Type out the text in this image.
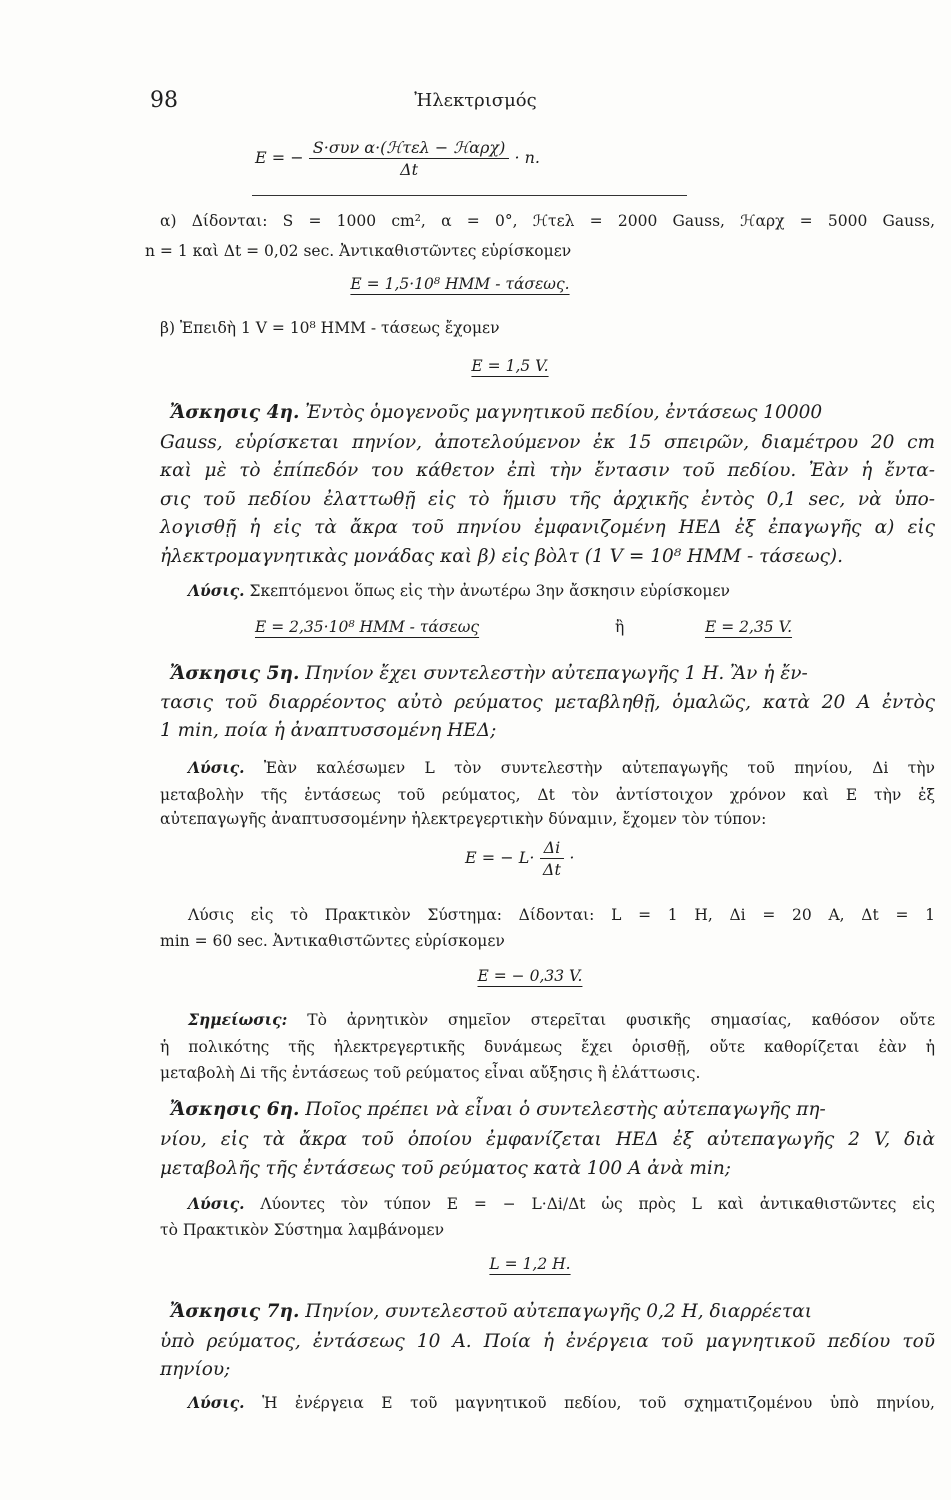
98	Ἠλεκτρισμός
E = − $\frac{\text{S·συν α·(ℋτελ − ℋαρχ)}}{\Delta t} \cdot n$.
α) Δίδονται: S = 1000 cm², α = 0°, ℋτελ = 2000 Gauss, ℋαρχ = 5000 Gauss,
n = 1 καὶ Δt = 0,02 sec. Ἀντικαθιστῶντες εὑρίσκομεν
E = 1,5·10⁸ ΗΜΜ - τάσεως.
β) Ἐπειδὴ 1 V = 10⁸ ΗΜΜ - τάσεως ἔχομεν
E = 1,5 V.
Ἄσκησις 4η. Ἐντὸς ὁμογενοῦς μαγνητικοῦ πεδίου, ἐντάσεως 10000
Gauss, εὑρίσκεται πηνίον, ἀποτελούμενον ἐκ 15 σπειρῶν, διαμέτρου 20 cm
καὶ μὲ τὸ ἐπίπεδόν του κάθετον ἐπὶ τὴν ἔντασιν τοῦ πεδίου. Ἐὰν ἡ ἔντα-
σις τοῦ πεδίου ἐλαττωθῇ εἰς τὸ ἥμισυ τῆς ἀρχικῆς ἐντὸς 0,1 sec, νὰ ὑπο-
λογισθῇ ἡ εἰς τὰ ἄκρα τοῦ πηνίου ἐμφανιζομένη ΗΕΔ ἐξ ἐπαγωγῆς α) εἰς
ἠλεκτρομαγνητικὰς μονάδας καὶ β) εἰς βὸλτ (1 V = 10⁸ ΗΜΜ - τάσεως).
Λύσις. Σκεπτόμενοι ὅπως εἰς τὴν ἀνωτέρω 3ην ἄσκησιν εὑρίσκομεν
E = 2,35·10⁸ ΗΜΜ - τάσεως	ἢ	E = 2,35 V.
Ἄσκησις 5η. Πηνίον ἔχει συντελεστὴν αὐτεπαγωγῆς 1 H. Ἂν ἡ ἔν-
τασις τοῦ διαρρέοντος αὐτὸ ρεύματος μεταβληθῇ, ὁμαλῶς, κατὰ 20 A ἐντὸς
1 min, ποία ἡ ἀναπτυσσομένη ΗΕΔ;
Λύσις. Ἐὰν καλέσωμεν L τὸν συντελεστὴν αὐτεπαγωγῆς τοῦ πηνίου, Δi τὴν
μεταβολὴν τῆς ἐντάσεως τοῦ ρεύματος, Δt τὸν ἀντίστοιχον χρόνον καὶ E τὴν ἐξ
αὐτεπαγωγῆς ἀναπτυσσομένην ἠλεκτρεγερτικὴν δύναμιν, ἔχομεν τὸν τύπον:
E = − $L\cdot \frac{\Delta i}{\Delta t}$ ·
Λύσις εἰς τὸ Πρακτικὸν Σύστημα: Δίδονται: L = 1 H, Δi = 20 A, Δt = 1
min = 60 sec. Ἀντικαθιστῶντες εὑρίσκομεν
E = − 0,33 V.
Σημείωσις: Τὸ ἀρνητικὸν σημεῖον στερεῖται φυσικῆς σημασίας, καθόσον οὔτε
ἡ πολικότης τῆς ἠλεκτρεγερτικῆς δυνάμεως ἔχει ὁρισθῇ, οὔτε καθορίζεται ἐὰν ἡ
μεταβολὴ Δi τῆς ἐντάσεως τοῦ ρεύματος εἶναι αὔξησις ἢ ἐλάττωσις.
Ἄσκησις 6η. Ποῖος πρέπει νὰ εἶναι ὁ συντελεστὴς αὐτεπαγωγῆς πη-
νίου, εἰς τὰ ἄκρα τοῦ ὁποίου ἐμφανίζεται ΗΕΔ ἐξ αὐτεπαγωγῆς 2 V, διὰ
μεταβολῆς τῆς ἐντάσεως τοῦ ρεύματος κατὰ 100 A ἀνὰ min;
Λύσις. Λύοντες τὸν τύπον E = − L·Δi/Δt ὡς πρὸς L καὶ ἀντικαθιστῶντες εἰς
τὸ Πρακτικὸν Σύστημα λαμβάνομεν
L = 1,2 H.
Ἄσκησις 7η. Πηνίον, συντελεστοῦ αὐτεπαγωγῆς 0,2 H, διαρρέεται
ὑπὸ ρεύματος, ἐντάσεως 10 A. Ποία ἡ ἐνέργεια τοῦ μαγνητικοῦ πεδίου τοῦ
πηνίου;
Λύσις. Ἡ ἐνέργεια E τοῦ μαγνητικοῦ πεδίου, τοῦ σχηματιζομένου ὑπὸ πηνίου,
